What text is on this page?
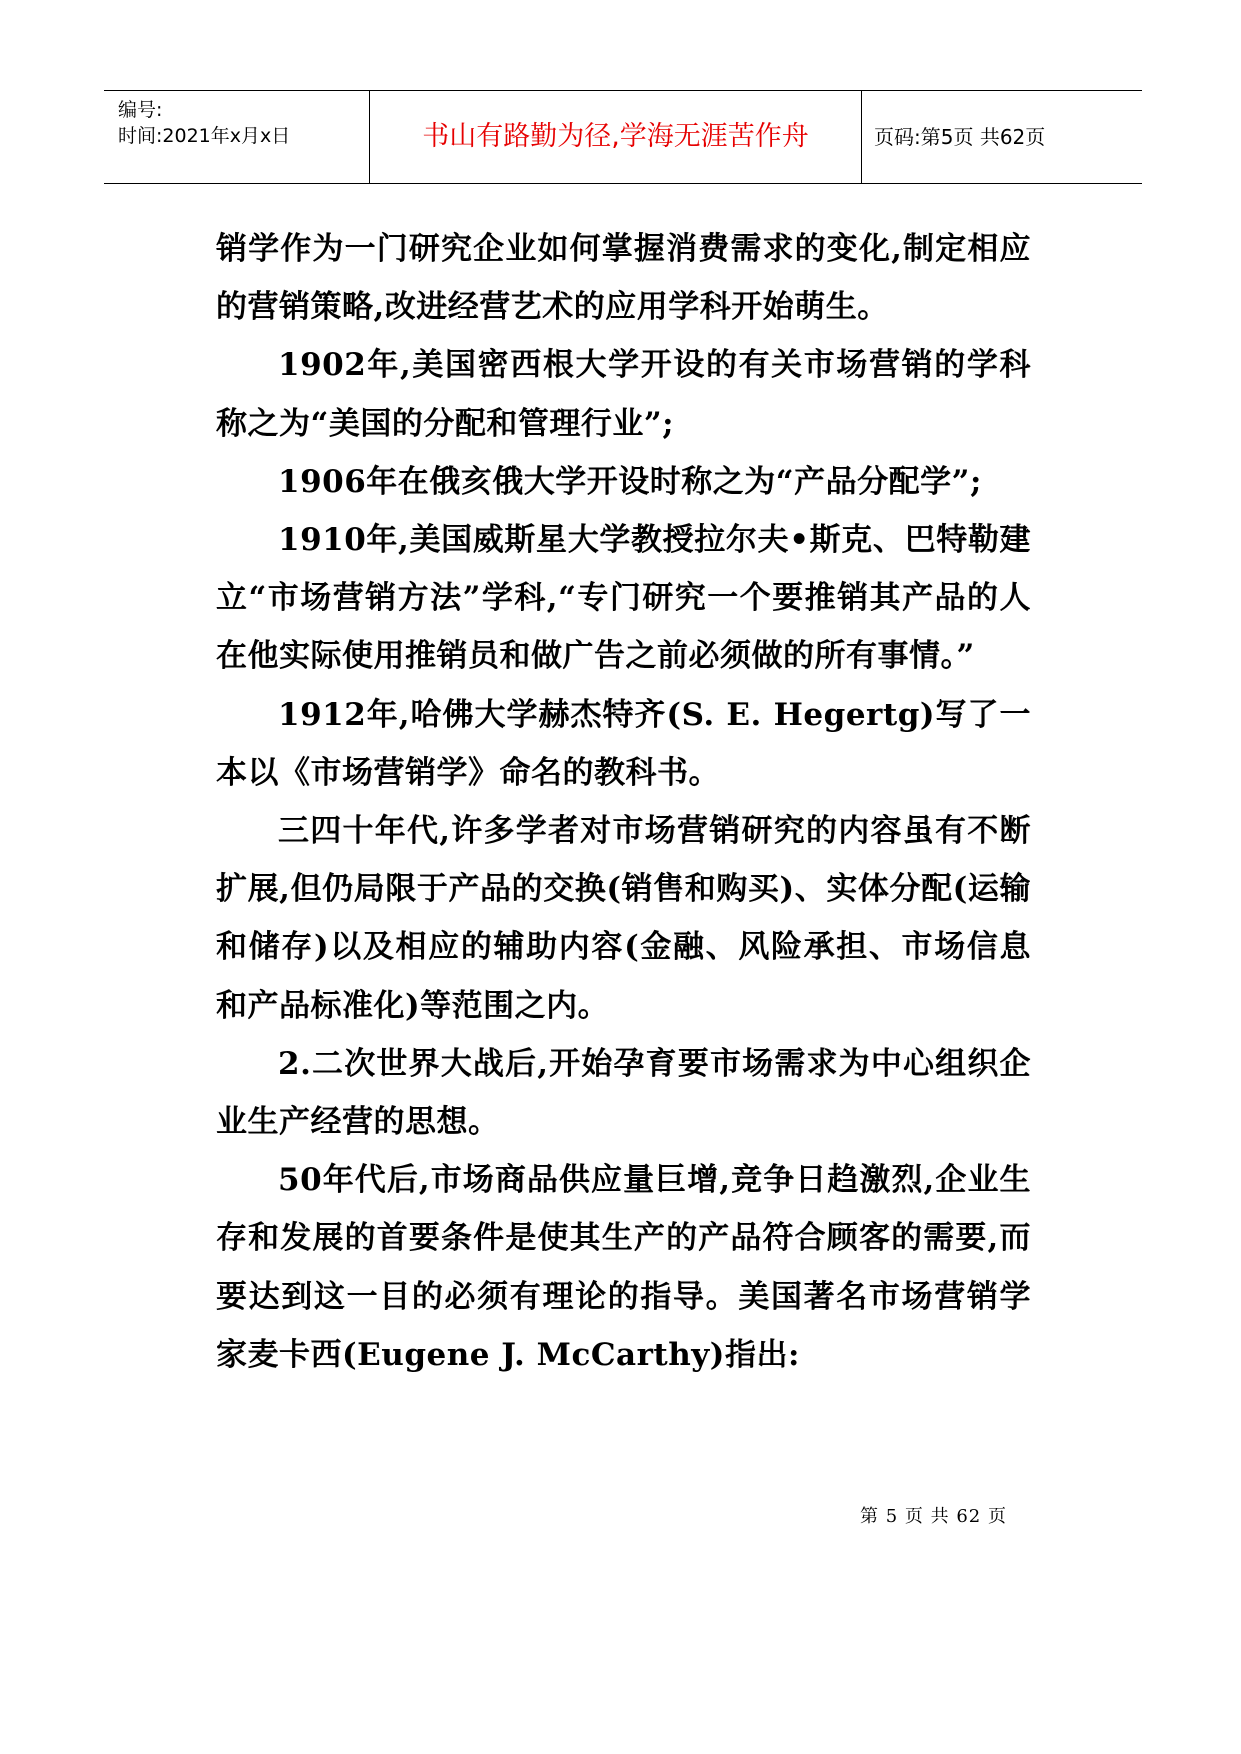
编号:
时间:2021年x月x日	书山有路勤为径,学海无涯苦作舟	页码:第5页 共62页

销学作为一门研究企业如何掌握消费需求的变化,制定相应的营销策略,改进经营艺术的应用学科开始萌生。

1902年,美国密西根大学开设的有关市场营销的学科称之为“美国的分配和管理行业”;

1906年在俄亥俄大学开设时称之为“产品分配学”;

1910年,美国威斯星大学教授拉尔夫•斯克、巴特勒建立“市场营销方法”学科,“专门研究一个要推销其产品的人在他实际使用推销员和做广告之前必须做的所有事情。”

1912年,哈佛大学赫杰特齐(S. E. Hegertg)写了一本以《市场营销学》命名的教科书。

三四十年代,许多学者对市场营销研究的内容虽有不断扩展,但仍局限于产品的交换(销售和购买)、实体分配(运输和储存)以及相应的辅助内容(金融、风险承担、市场信息和产品标准化)等范围之内。

2.二次世界大战后,开始孕育要市场需求为中心组织企业生产经营的思想。

50年代后,市场商品供应量巨增,竞争日趋激烈,企业生存和发展的首要条件是使其生产的产品符合顾客的需要,而要达到这一目的必须有理论的指导。美国著名市场营销学家麦卡西(Eugene J. McCarthy)指出:

第 5 页 共 62 页
